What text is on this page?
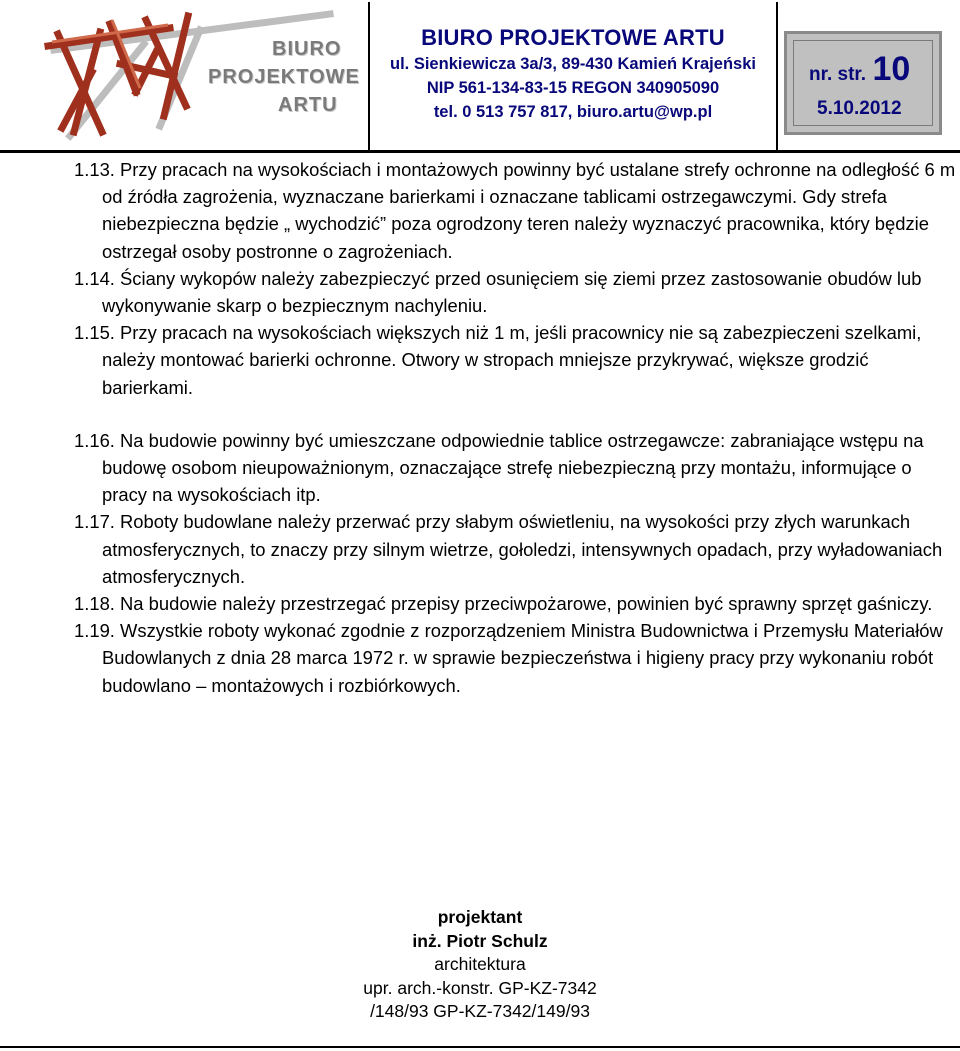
BIURO
PROJEKTOWE
ARTU
BIURO PROJEKTOWE ARTU
ul. Sienkiewicza 3a/3, 89-430 Kamień Krajeński
NIP 561-134-83-15 REGON 340905090
tel. 0 513 757 817, biuro.artu@wp.pl
nr. str. 10
5.10.2012
1.13. Przy pracach na wysokościach i montażowych powinny być ustalane strefy ochronne na odległość 6 m od źródła zagrożenia, wyznaczane barierkami i oznaczane tablicami ostrzegawczymi. Gdy strefa niebezpieczna będzie „ wychodzić” poza ogrodzony teren należy wyznaczyć pracownika, który będzie ostrzegał osoby postronne o zagrożeniach.
1.14. Ściany wykopów należy zabezpieczyć przed osunięciem się ziemi przez zastosowanie obudów lub wykonywanie skarp o bezpiecznym nachyleniu.
1.15. Przy pracach na wysokościach większych niż 1 m, jeśli pracownicy nie są zabezpieczeni szelkami, należy montować barierki ochronne. Otwory w stropach mniejsze przykrywać, większe grodzić barierkami.
1.16. Na budowie powinny być umieszczane odpowiednie tablice ostrzegawcze: zabraniające wstępu na budowę osobom nieupoważnionym, oznaczające strefę niebezpieczną przy montażu, informujące o pracy na wysokościach itp.
1.17. Roboty budowlane należy przerwać przy słabym oświetleniu, na wysokości przy złych warunkach atmosferycznych, to znaczy przy silnym wietrze, gołoledzi, intensywnych opadach, przy wyładowaniach atmosferycznych.
1.18. Na budowie należy przestrzegać przepisy przeciwpożarowe, powinien być sprawny sprzęt gaśniczy.
1.19. Wszystkie roboty wykonać zgodnie z rozporządzeniem Ministra Budownictwa i Przemysłu Materiałów Budowlanych z dnia 28 marca 1972 r. w sprawie bezpieczeństwa i higieny pracy przy wykonaniu robót budowlano – montażowych i rozbiórkowych.
projektant
inż. Piotr Schulz
architektura
upr. arch.-konstr. GP-KZ-7342
/148/93 GP-KZ-7342/149/93
